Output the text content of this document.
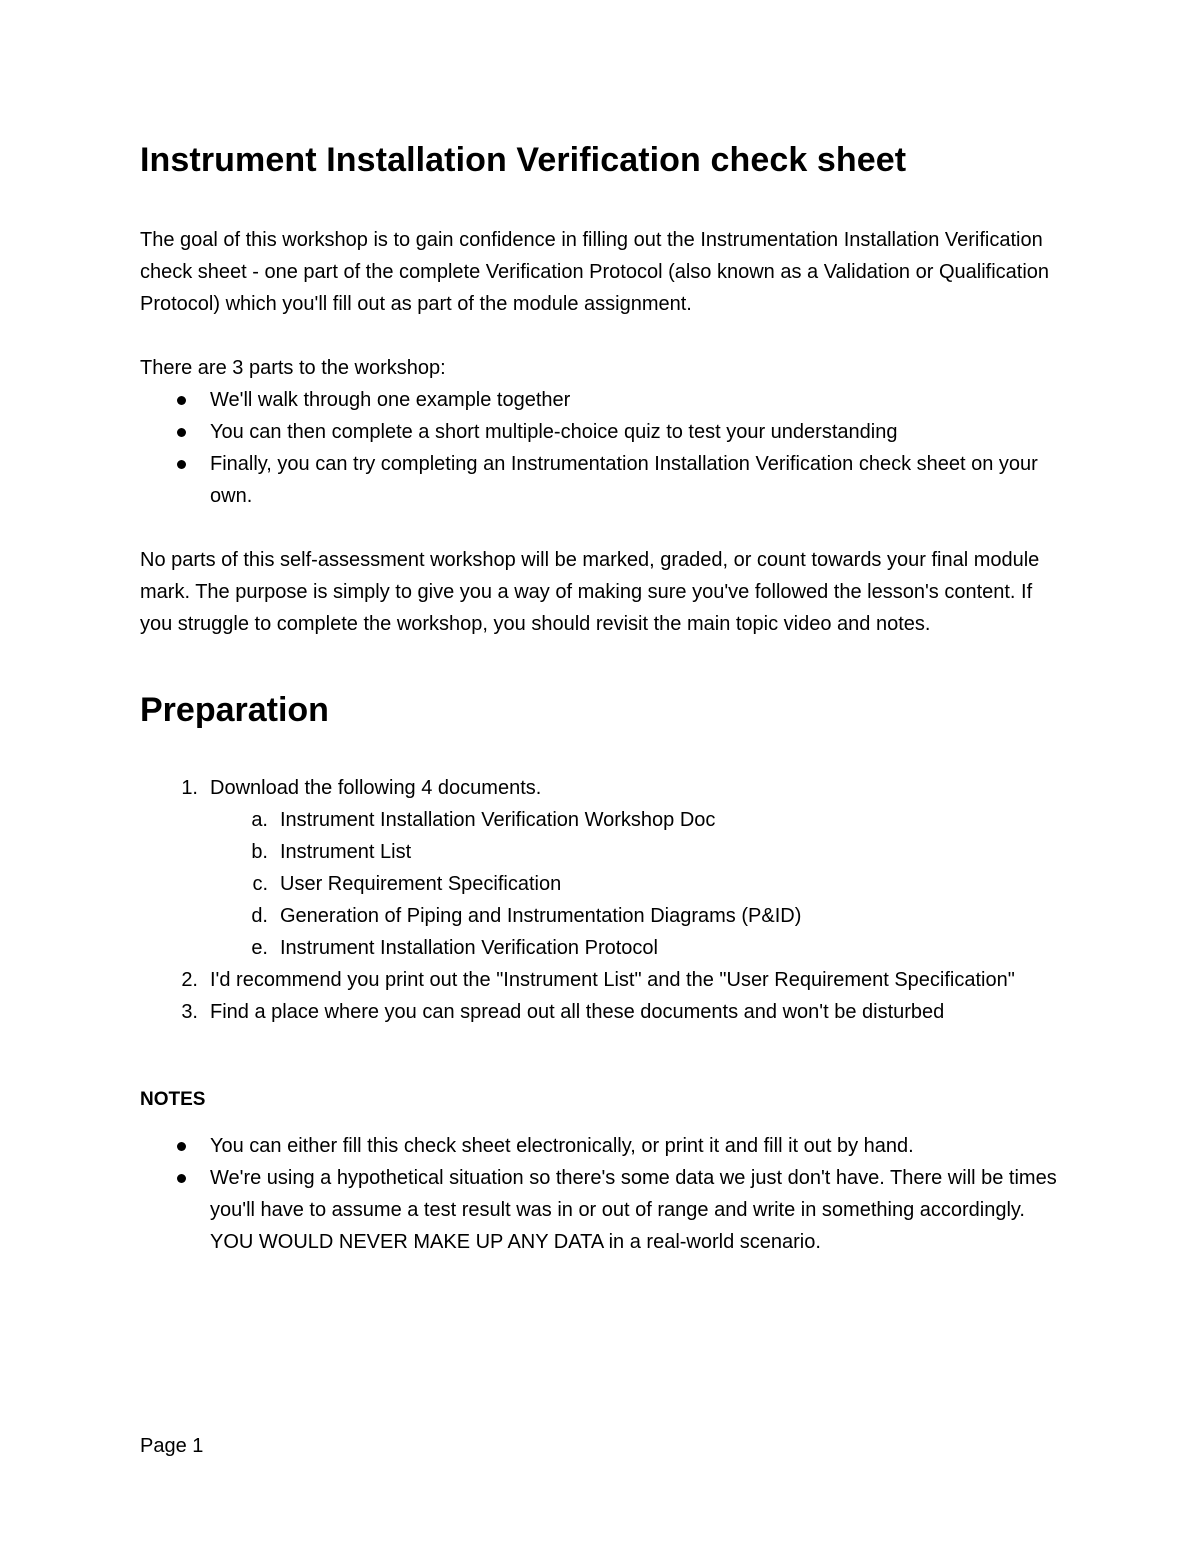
Instrument Installation Verification check sheet

The goal of this workshop is to gain confidence in filling out the Instrumentation Installation Verification check sheet - one part of the complete Verification Protocol (also known as a Validation or Qualification Protocol) which you'll fill out as part of the module assignment.

There are 3 parts to the workshop:

We'll walk through one example together
You can then complete a short multiple-choice quiz to test your understanding
Finally, you can try completing an Instrumentation Installation Verification check sheet on your own.

No parts of this self-assessment workshop will be marked, graded, or count towards your final module mark. The purpose is simply to give you a way of making sure you've followed the lesson's content. If you struggle to complete the workshop, you should revisit the main topic video and notes.

Preparation
1. Download the following 4 documents.
a. Instrument Installation Verification Workshop Doc
b. Instrument List
c. User Requirement Specification
d. Generation of Piping and Instrumentation Diagrams (P&ID)
e. Instrument Installation Verification Protocol
2. I'd recommend you print out the "Instrument List" and the "User Requirement Specification"
3. Find a place where you can spread out all these documents and won't be disturbed

NOTES

You can either fill this check sheet electronically, or print it and fill it out by hand.
We're using a hypothetical situation so there's some data we just don't have. There will be times you'll have to assume a test result was in or out of range and write in something accordingly. YOU WOULD NEVER MAKE UP ANY DATA in a real-world scenario.
Page 1
